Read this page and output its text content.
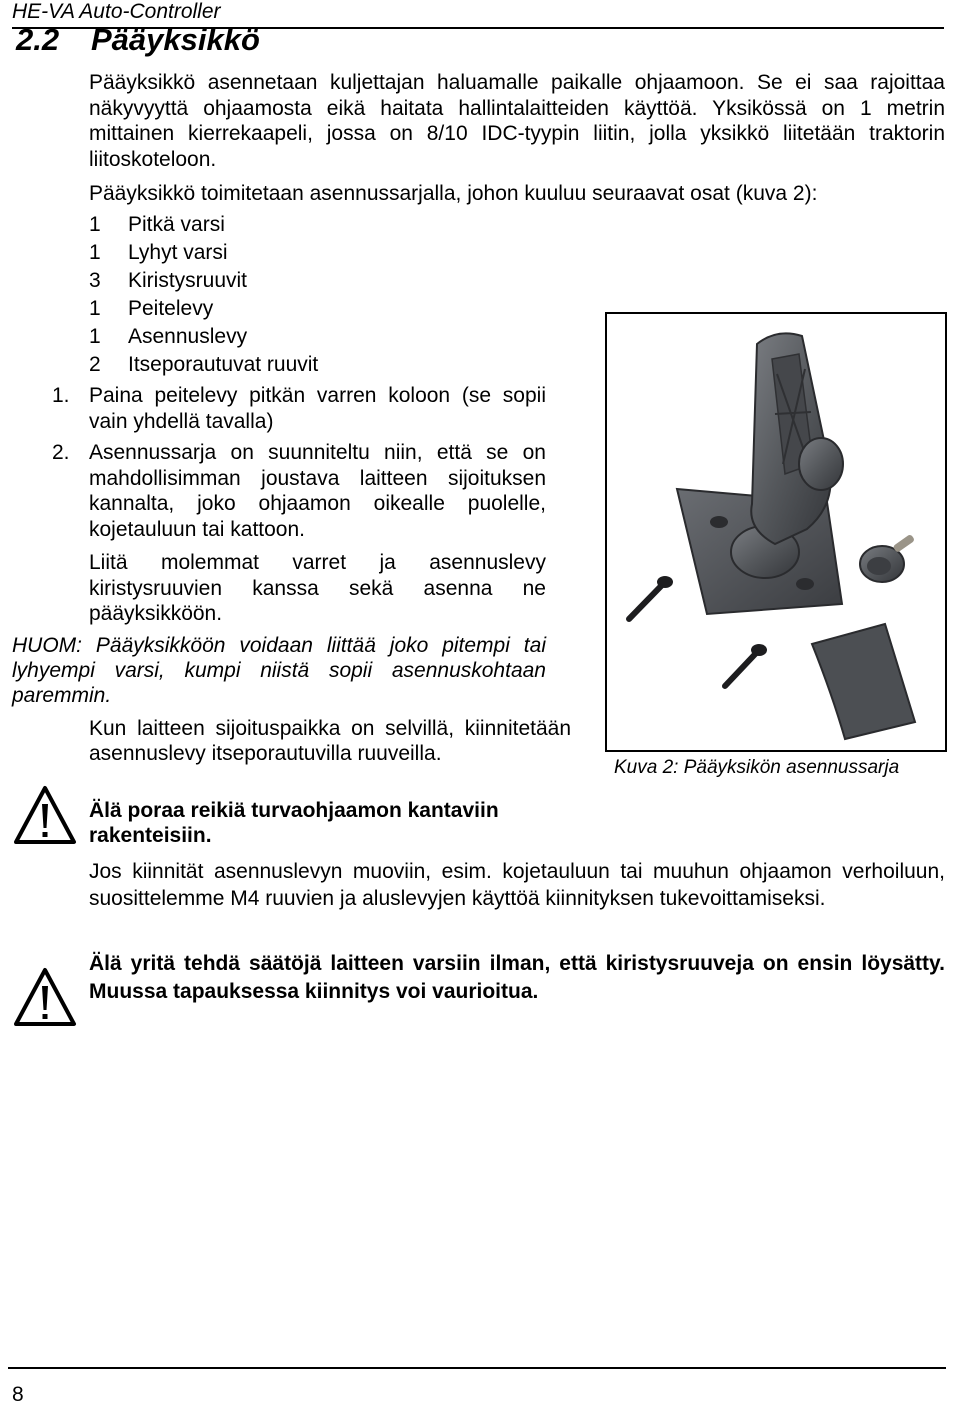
HE-VA Auto-Controller
2.2 Pääyksikkö
Pääyksikkö asennetaan kuljettajan haluamalle paikalle ohjaamoon. Se ei saa rajoittaa näkyvyyttä ohjaamosta eikä haitata hallintalaitteiden käyttöä. Yksikössä on 1 metrin mittainen kierrekaapeli, jossa on 8/10 IDC-tyypin liitin, jolla yksikkö liitetään traktorin liitoskoteloon.
Pääyksikkö toimitetaan asennussarjalla, johon kuuluu seuraavat osat (kuva 2):
1	Pitkä varsi
1	Lyhyt varsi
3	Kiristysruuvit
1	Peitelevy
1	Asennuslevy
2	Itseporautuvat ruuvit
1. Paina peitelevy pitkän varren koloon (se sopii vain yhdellä tavalla)
2. Asennussarja on suunniteltu niin, että se on mahdollisimman joustava laitteen sijoituksen kannalta, joko ohjaamon oikealle puolelle, kojetauluun tai kattoon.
Liitä molemmat varret ja asennuslevy kiristysruuvien kanssa sekä asenna ne pääyksikköön.
HUOM: Pääyksikköön voidaan liittää joko pitempi tai lyhyempi varsi, kumpi niistä sopii asennuskohtaan paremmin.
Kun laitteen sijoituspaikka on selvillä, kiinnitetään asennuslevy itseporautuvilla ruuveilla.
Älä poraa reikiä turvaohjaamon kantaviin rakenteisiin.
Jos kiinnität asennuslevyn muoviin, esim. kojetauluun tai muuhun ohjaamon verhoiluun, suosittelemme M4 ruuvien ja aluslevyjen käyttöä kiinnityksen tukevoittamiseksi.
Älä yritä tehdä säätöjä laitteen varsiin ilman, että kiristysruuveja on ensin löysätty. Muussa tapauksessa kiinnitys voi vaurioitua.
Kuva 2: Pääyksikön asennussarja
8
